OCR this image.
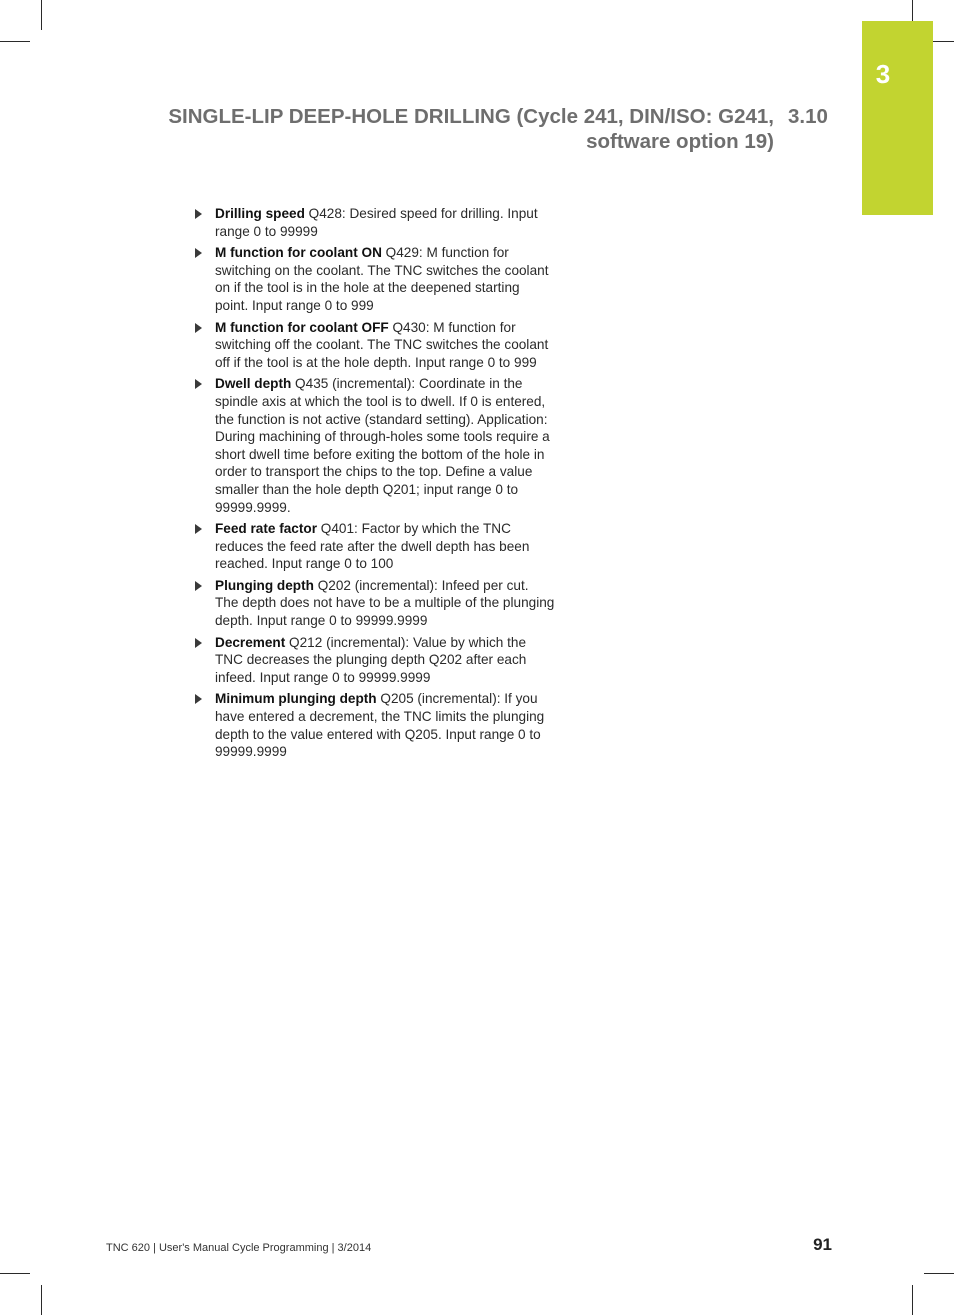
3
SINGLE-LIP DEEP-HOLE DRILLING (Cycle 241, DIN/ISO: G241,
software option 19)
3.10
Drilling speed Q428: Desired speed for drilling. Input range 0 to 99999
M function for coolant ON Q429: M function for switching on the coolant. The TNC switches the coolant on if the tool is in the hole at the deepened starting point. Input range 0 to 999
M function for coolant OFF Q430: M function for switching off the coolant. The TNC switches the coolant off if the tool is at the hole depth. Input range 0 to 999
Dwell depth Q435 (incremental): Coordinate in the spindle axis at which the tool is to dwell. If 0 is entered, the function is not active (standard setting). Application: During machining of through-holes some tools require a short dwell time before exiting the bottom of the hole in order to transport the chips to the top. Define a value smaller than the hole depth Q201; input range 0 to 99999.9999.
Feed rate factor Q401: Factor by which the TNC reduces the feed rate after the dwell depth has been reached. Input range 0 to 100
Plunging depth Q202 (incremental): Infeed per cut. The depth does not have to be a multiple of the plunging depth. Input range 0 to 99999.9999
Decrement Q212 (incremental): Value by which the TNC decreases the plunging depth Q202 after each infeed. Input range 0 to 99999.9999
Minimum plunging depth Q205 (incremental): If you have entered a decrement, the TNC limits the plunging depth to the value entered with Q205. Input range 0 to 99999.9999
TNC 620 | User's Manual Cycle Programming | 3/2014	91
